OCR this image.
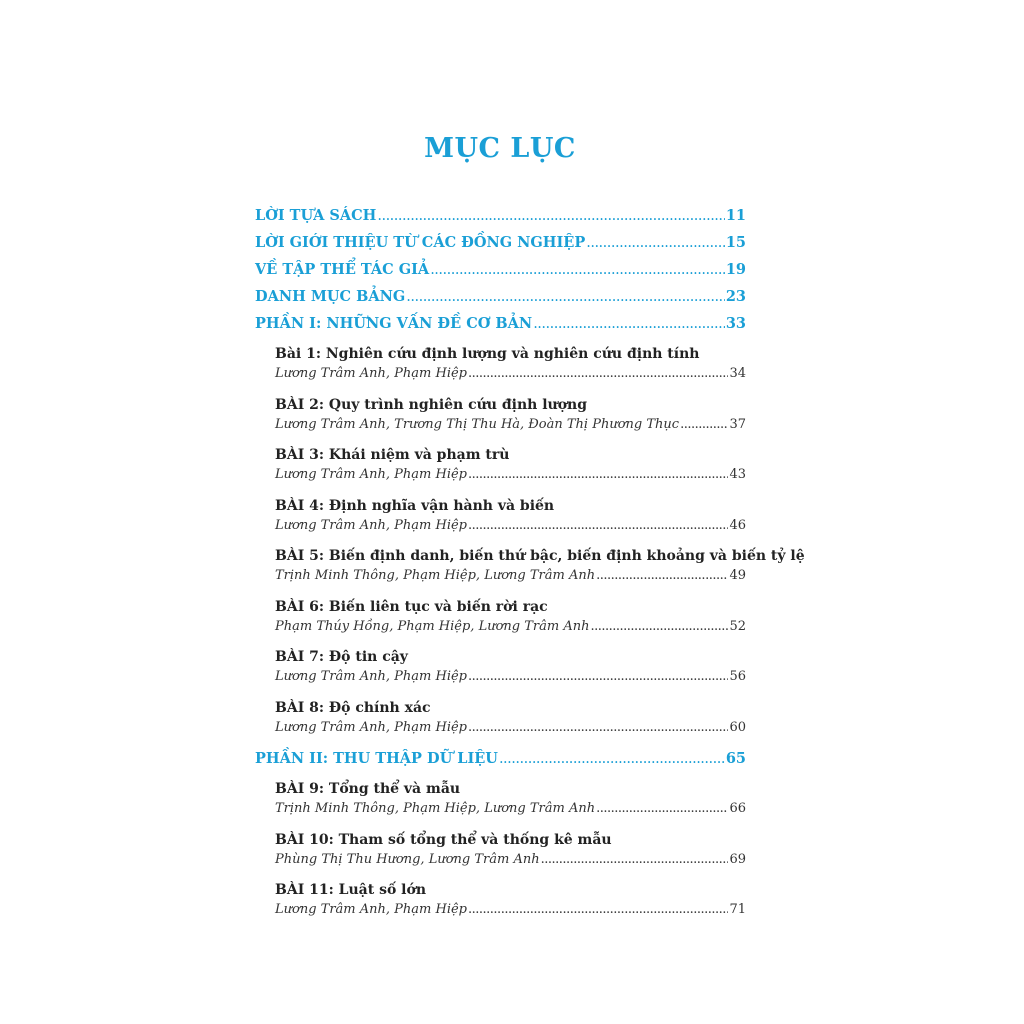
MỤC LỤC
LỜI TỰA SÁCH .....	11
LỜI GIỚI THIỆU TỪ CÁC ĐỒNG NGHIỆP .....	15
VỀ TẬP THỂ TÁC GIẢ .....	19
DANH MỤC BẢNG .....	23
PHẦN I: NHỮNG VẤN ĐỀ CƠ BẢN .....	33
Bài 1: Nghiên cứu định lượng và nghiên cứu định tính
Lương Trâm Anh, Phạm Hiệp .....	34
BÀI 2: Quy trình nghiên cứu định lượng
Lương Trâm Anh, Trương Thị Thu Hà, Đoàn Thị Phương Thục .....	37
BÀI 3: Khái niệm và phạm trù
Lương Trâm Anh, Phạm Hiệp .....	43
BÀI 4: Định nghĩa vận hành và biến
Lương Trâm Anh, Phạm Hiệp .....	46
BÀI 5: Biến định danh, biến thứ bậc, biến định khoảng và biến tỷ lệ
Trịnh Minh Thông, Phạm Hiệp, Lương Trâm Anh .....	49
BÀI 6: Biến liên tục và biến rời rạc
Phạm Thúy Hồng, Phạm Hiệp, Lương Trâm Anh .....	52
BÀI 7: Độ tin cậy
Lương Trâm Anh, Phạm Hiệp .....	56
BÀI 8: Độ chính xác
Lương Trâm Anh, Phạm Hiệp .....	60
PHẦN II: THU THẬP DỮ LIỆU .....	65
BÀI 9: Tổng thể và mẫu
Trịnh Minh Thông, Phạm Hiệp, Lương Trâm Anh .....	66
BÀI 10: Tham số tổng thể và thống kê mẫu
Phùng Thị Thu Hương, Lương Trâm Anh .....	69
BÀI 11: Luật số lớn
Lương Trâm Anh, Phạm Hiệp .....	71
